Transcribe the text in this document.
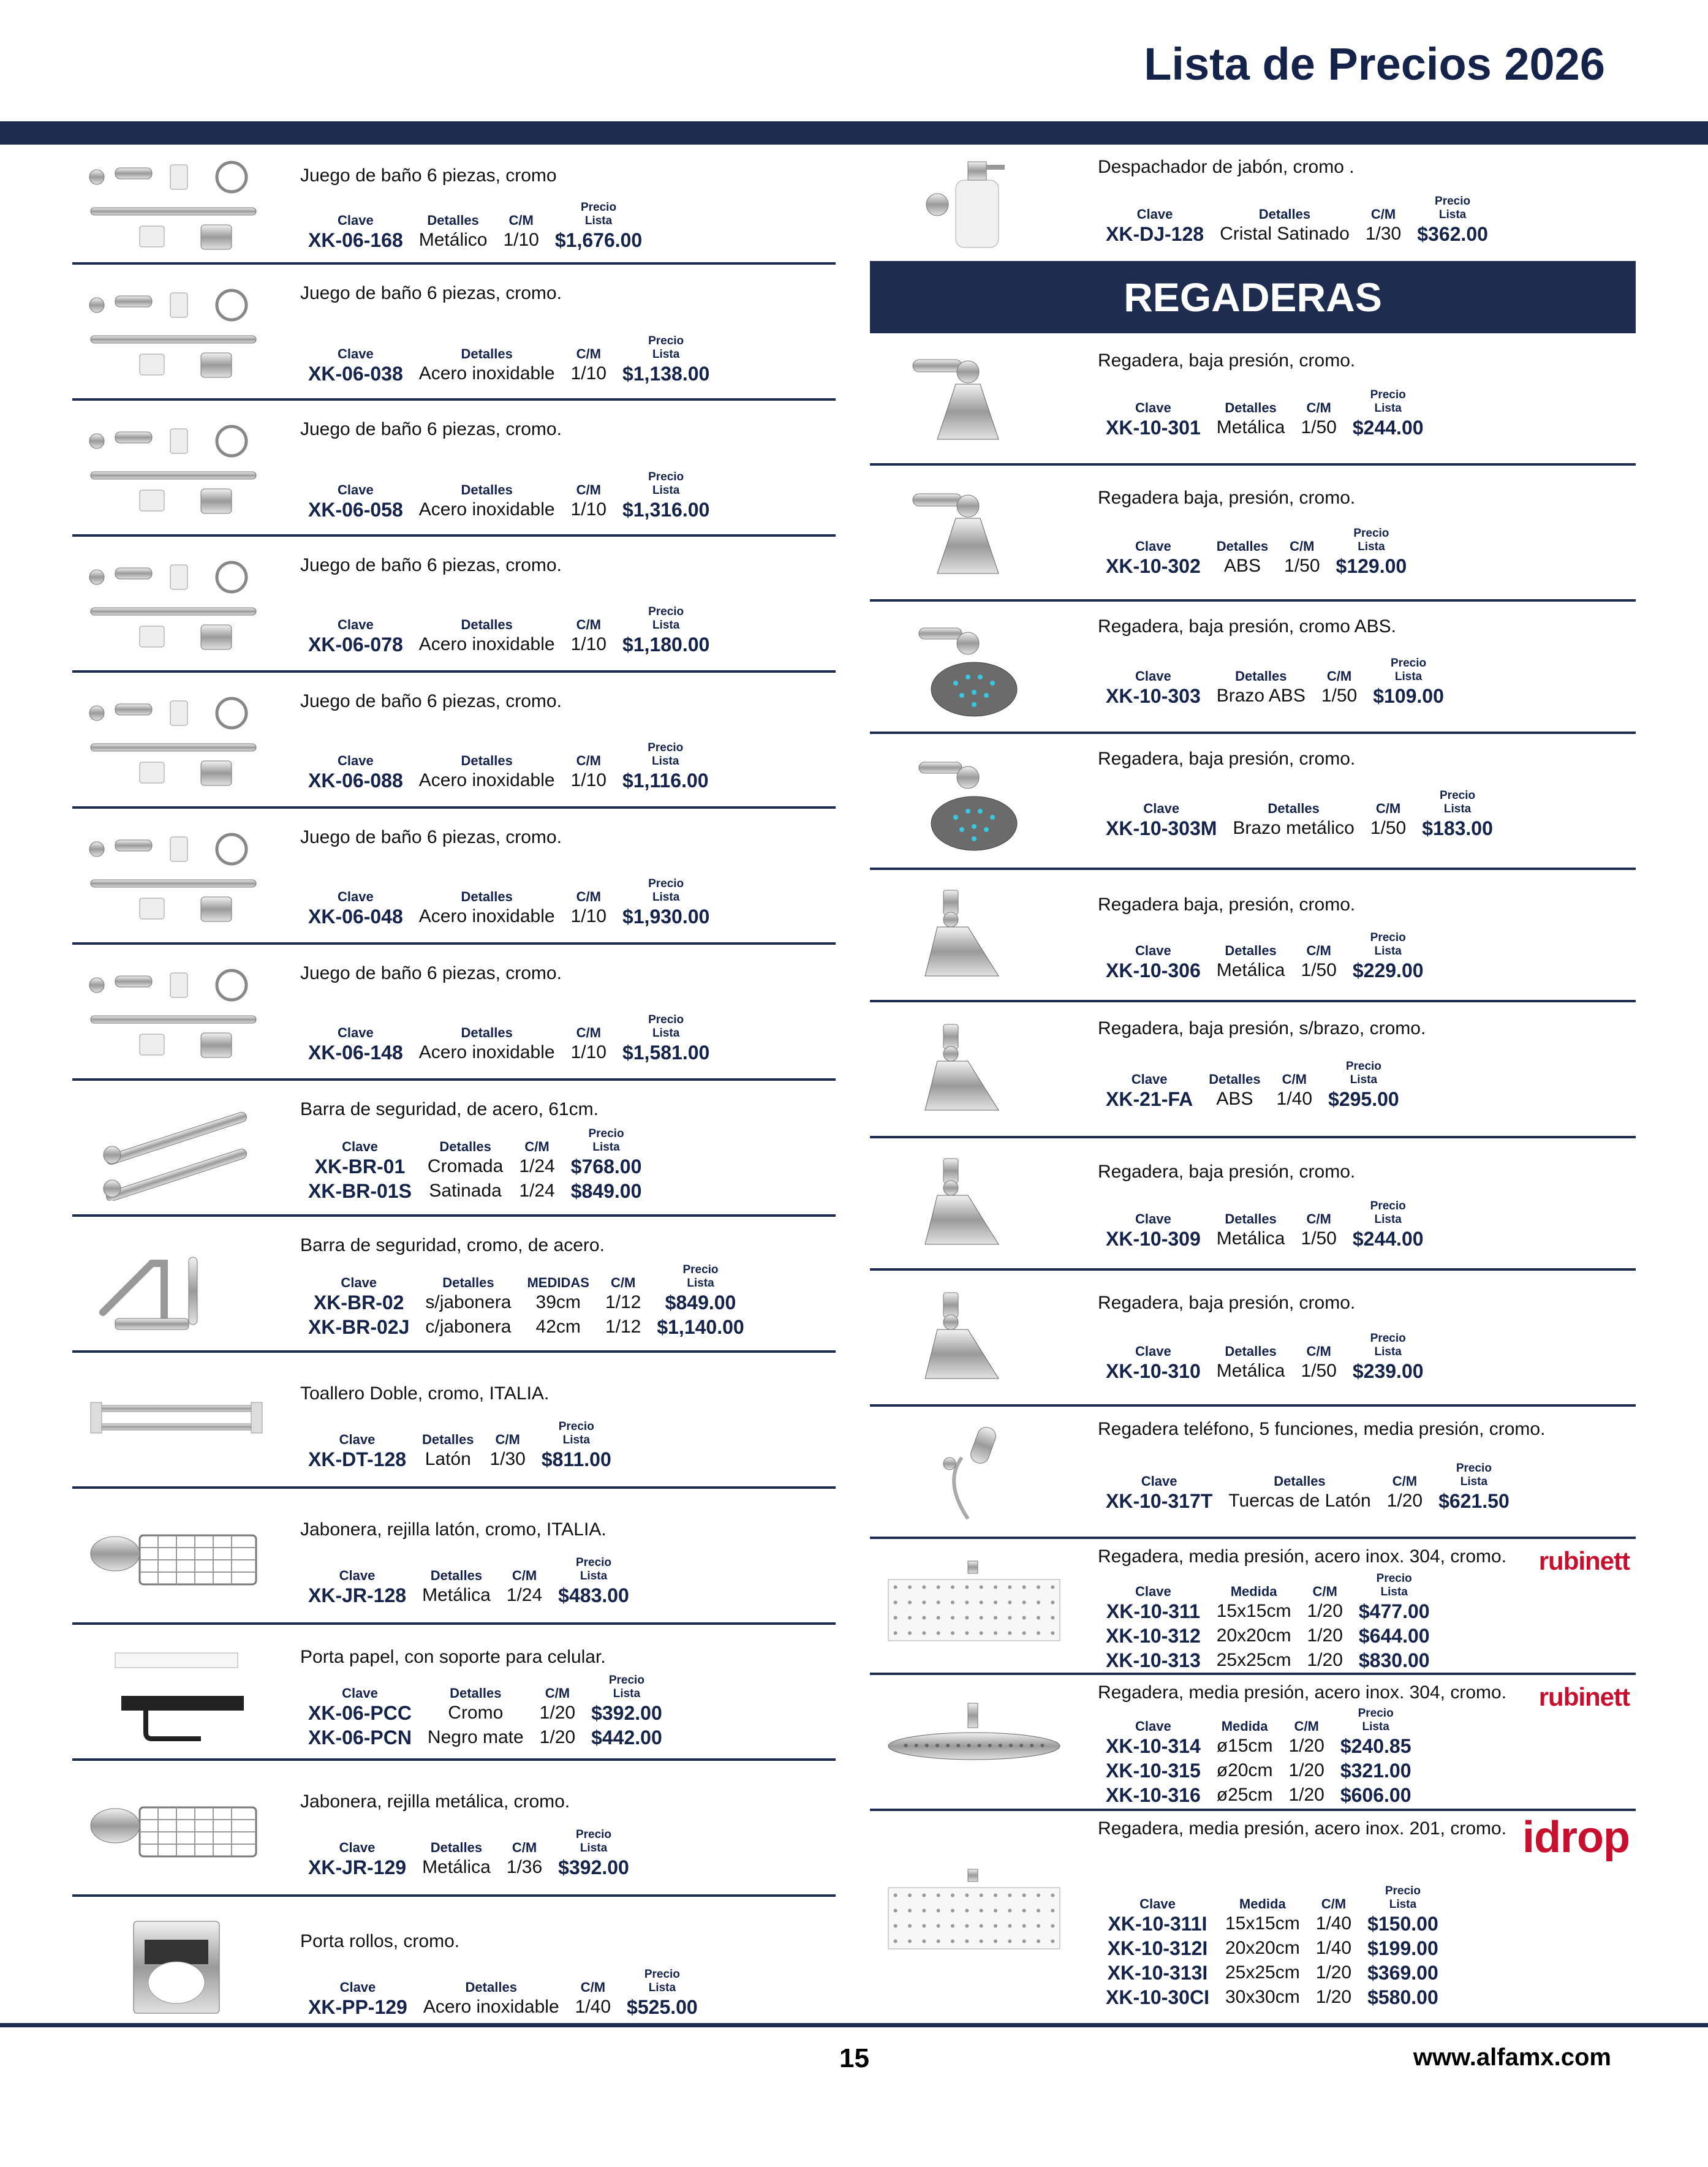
Lista de Precios 2026
Juego de baño 6 piezas, cromo
Clave	Detalles	C/M	Precio
Lista
XK-06-168	Metálico	1/10	$1,676.00
Juego de baño 6 piezas, cromo.
Clave	Detalles	C/M	Precio
Lista
XK-06-038	Acero inoxidable	1/10	$1,138.00
Juego de baño 6 piezas, cromo.
Clave	Detalles	C/M	Precio
Lista
XK-06-058	Acero inoxidable	1/10	$1,316.00
Juego de baño 6 piezas, cromo.
Clave	Detalles	C/M	Precio
Lista
XK-06-078	Acero inoxidable	1/10	$1,180.00
Juego de baño 6 piezas, cromo.
Clave	Detalles	C/M	Precio
Lista
XK-06-088	Acero inoxidable	1/10	$1,116.00
Juego de baño 6 piezas, cromo.
Clave	Detalles	C/M	Precio
Lista
XK-06-048	Acero inoxidable	1/10	$1,930.00
Juego de baño 6 piezas, cromo.
Clave	Detalles	C/M	Precio
Lista
XK-06-148	Acero inoxidable	1/10	$1,581.00
Barra de seguridad, de acero, 61cm.
Clave	Detalles	C/M	Precio
Lista
XK-BR-01	Cromada	1/24	$768.00
XK-BR-01S	Satinada	1/24	$849.00
Barra de seguridad, cromo, de acero.
Clave	Detalles	MEDIDAS	C/M	Precio
Lista
XK-BR-02	s/jabonera	39cm	1/12	$849.00
XK-BR-02J	c/jabonera	42cm	1/12	$1,140.00
Toallero Doble, cromo, ITALIA.
Clave	Detalles	C/M	Precio
Lista
XK-DT-128	Latón	1/30	$811.00
Jabonera, rejilla latón, cromo, ITALIA.
Clave	Detalles	C/M	Precio
Lista
XK-JR-128	Metálica	1/24	$483.00
Porta papel, con soporte para celular.
Clave	Detalles	C/M	Precio
Lista
XK-06-PCC	Cromo	1/20	$392.00
XK-06-PCN	Negro mate	1/20	$442.00
Jabonera, rejilla metálica, cromo.
Clave	Detalles	C/M	Precio
Lista
XK-JR-129	Metálica	1/36	$392.00
Porta rollos, cromo.
Clave	Detalles	C/M	Precio
Lista
XK-PP-129	Acero inoxidable	1/40	$525.00
REGADERAS
Despachador de jabón, cromo .
Clave	Detalles	C/M	Precio
Lista
XK-DJ-128	Cristal Satinado	1/30	$362.00
Regadera, baja presión, cromo.
Clave	Detalles	C/M	Precio
Lista
XK-10-301	Metálica	1/50	$244.00
Regadera baja, presión, cromo.
Clave	Detalles	C/M	Precio
Lista
XK-10-302	ABS	1/50	$129.00
Regadera, baja presión, cromo ABS.
Clave	Detalles	C/M	Precio
Lista
XK-10-303	Brazo ABS	1/50	$109.00
Regadera, baja presión, cromo.
Clave	Detalles	C/M	Precio
Lista
XK-10-303M	Brazo metálico	1/50	$183.00
Regadera baja, presión, cromo.
Clave	Detalles	C/M	Precio
Lista
XK-10-306	Metálica	1/50	$229.00
Regadera, baja presión, s/brazo, cromo.
Clave	Detalles	C/M	Precio
Lista
XK-21-FA	ABS	1/40	$295.00
Regadera, baja presión, cromo.
Clave	Detalles	C/M	Precio
Lista
XK-10-309	Metálica	1/50	$244.00
Regadera, baja presión, cromo.
Clave	Detalles	C/M	Precio
Lista
XK-10-310	Metálica	1/50	$239.00
Regadera teléfono, 5 funciones, media presión, cromo.
Clave	Detalles	C/M	Precio
Lista
XK-10-317T	Tuercas de Latón	1/20	$621.50
Regadera, media presión, acero inox. 304, cromo. rubinett
Clave	Medida	C/M	Precio
Lista
XK-10-311	15x15cm	1/20	$477.00
XK-10-312	20x20cm	1/20	$644.00
XK-10-313	25x25cm	1/20	$830.00
Regadera, media presión, acero inox. 304, cromo. rubinett
Clave	Medida	C/M	Precio
Lista
XK-10-314	ø15cm	1/20	$240.85
XK-10-315	ø20cm	1/20	$321.00
XK-10-316	ø25cm	1/20	$606.00
Regadera, media presión, acero inox. 201, cromo. idrop
Clave	Medida	C/M	Precio
Lista
XK-10-311I	15x15cm	1/40	$150.00
XK-10-312I	20x20cm	1/40	$199.00
XK-10-313I	25x25cm	1/20	$369.00
XK-10-30CI	30x30cm	1/20	$580.00
15	www.alfamx.com
